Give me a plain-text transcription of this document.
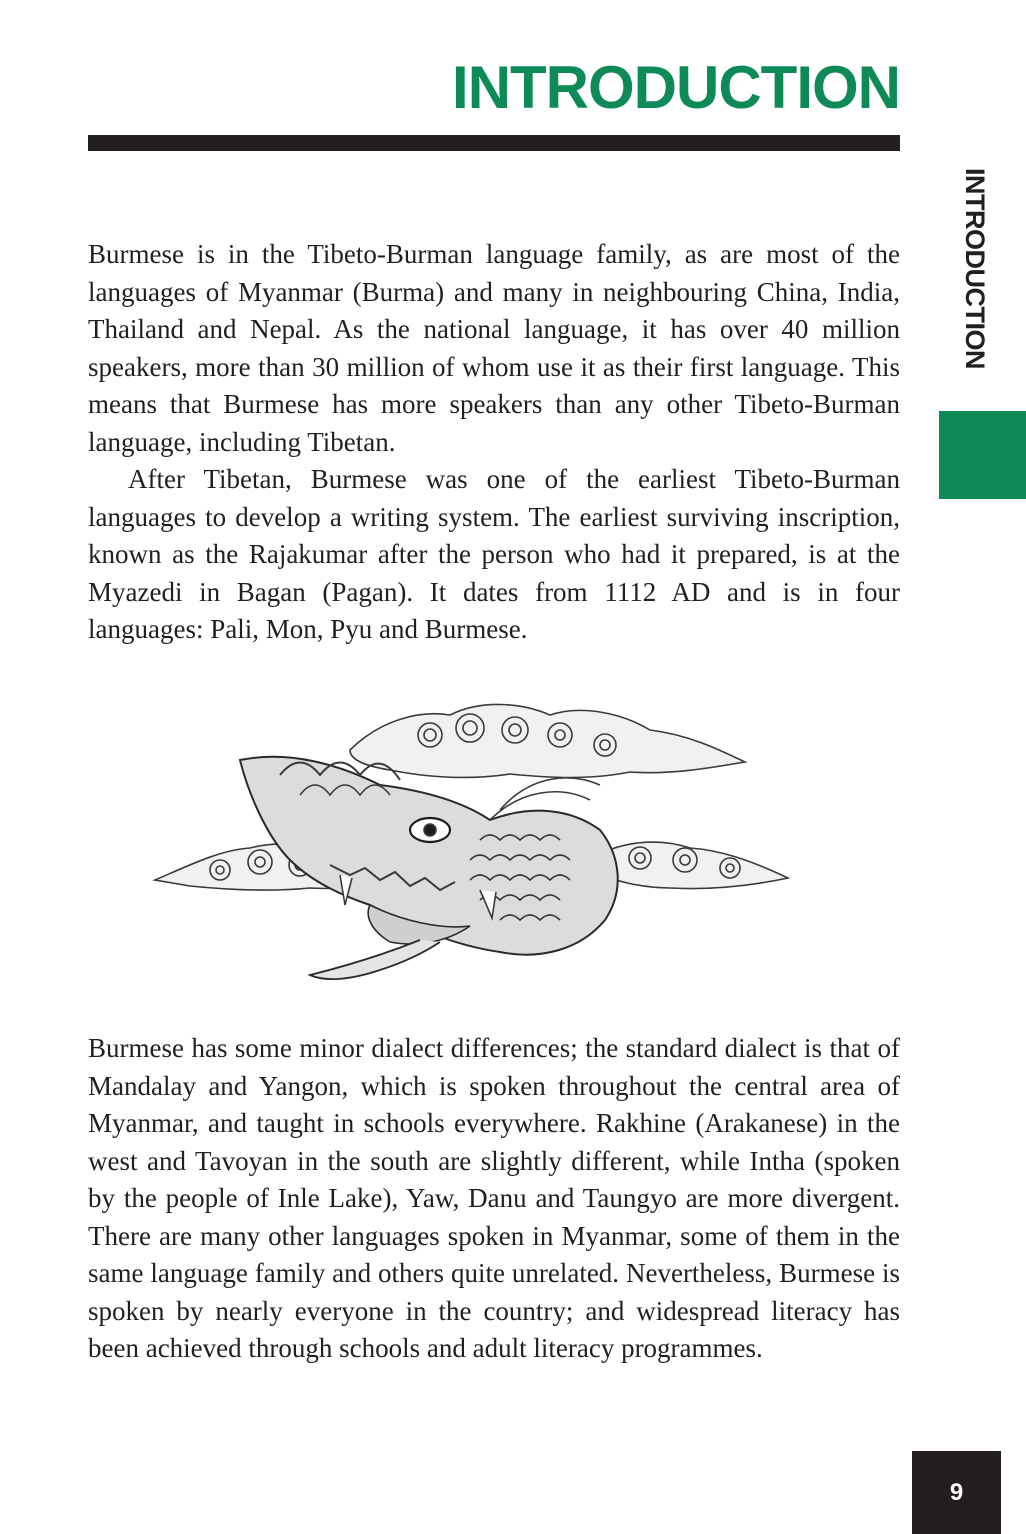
INTRODUCTION
INTRODUCTION

Burmese is in the Tibeto-Burman language family, as are most of the languages of Myanmar (Burma) and many in neighbouring China, India, Thailand and Nepal. As the national language, it has over 40 million speakers, more than 30 million of whom use it as their first language. This means that Burmese has more speakers than any other Tibeto-Burman language, including Tibetan.

After Tibetan, Burmese was one of the earliest Tibeto-Burman languages to develop a writing system. The earliest surviving inscription, known as the Rajakumar after the person who had it prepared, is at the Myazedi in Bagan (Pagan). It dates from 1112 AD and is in four languages: Pali, Mon, Pyu and Burmese.

Burmese has some minor dialect differences; the standard dialect is that of Mandalay and Yangon, which is spoken throughout the central area of Myanmar, and taught in schools everywhere. Rakhine (Arakanese) in the west and Tavoyan in the south are slightly different, while Intha (spoken by the people of Inle Lake), Yaw, Danu and Taungyo are more divergent. There are many other languages spoken in Myanmar, some of them in the same language family and others quite unrelated. Nevertheless, Burmese is spoken by nearly everyone in the country; and widespread literacy has been achieved through schools and adult literacy programmes.

9
